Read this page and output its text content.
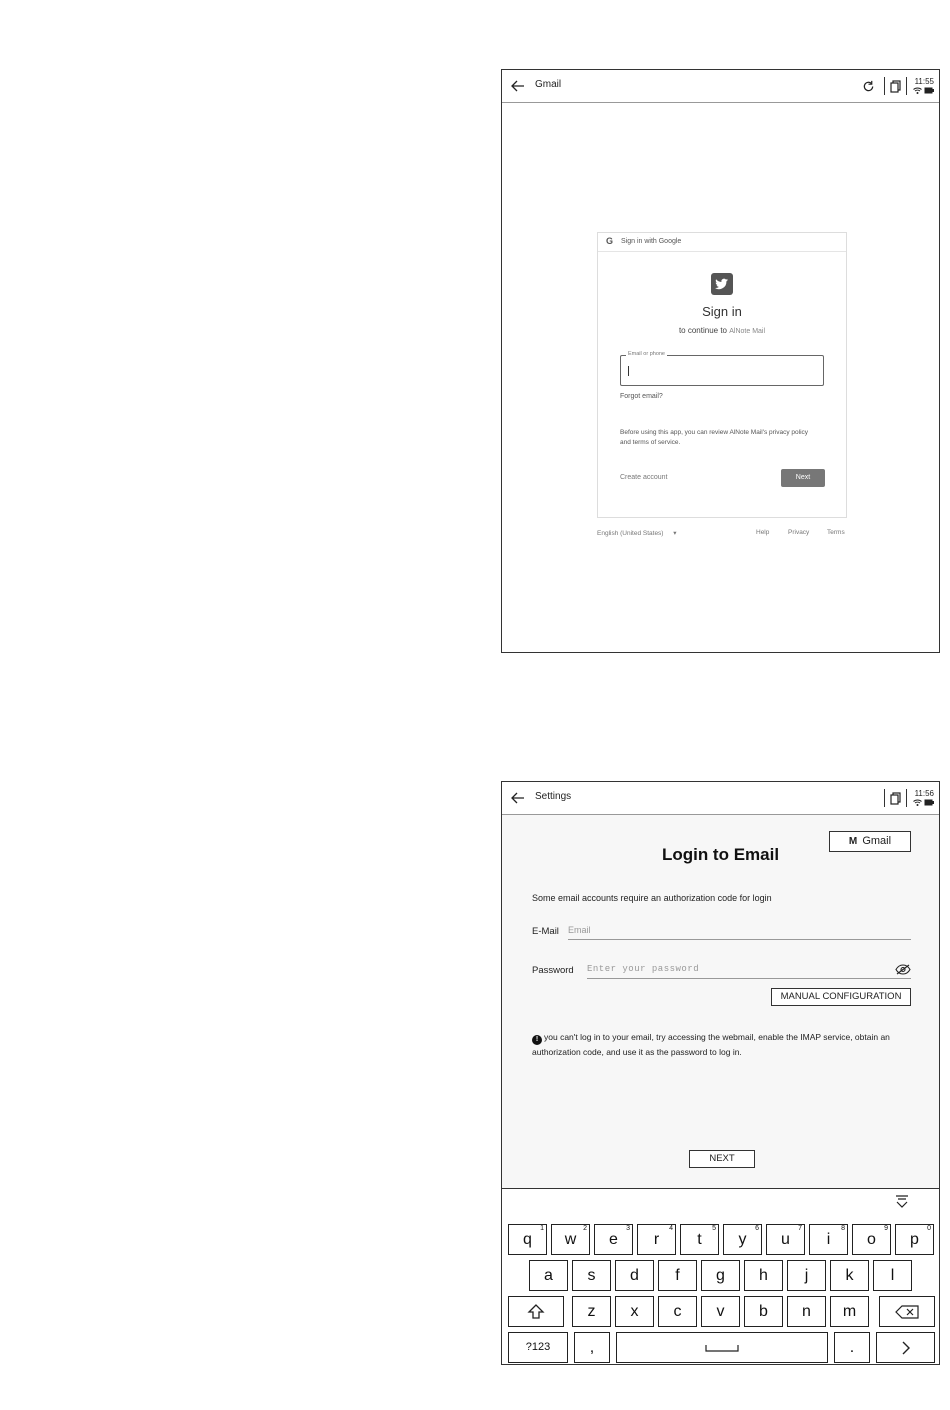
Gmail	11:55

G Sign in with Google
Sign in
to continue to AlNote Mail
Email or phone
Forgot email?
Before using this app, you can review AlNote Mail's privacy policy and terms of service.
Create account	Next
English (United States) ▾	Help	Privacy	Terms
Settings	11:56

M Gmail
Login to Email
Some email accounts require an authorization code for login
E-Mail Email
Password Enter your password
MANUAL CONFIGURATION
! you can't log in to your email, try accessing the webmail, enable the IMAP service, obtain an authorization code, and use it as the password to log in.
NEXT
q
1
w
2
e
3
r
4
t
5
y
6
u
7
i
8
o
9
p
0
a	s	d	f	g	h	j	k	l
z	x	c	v	b	n	m
?123	,	.
